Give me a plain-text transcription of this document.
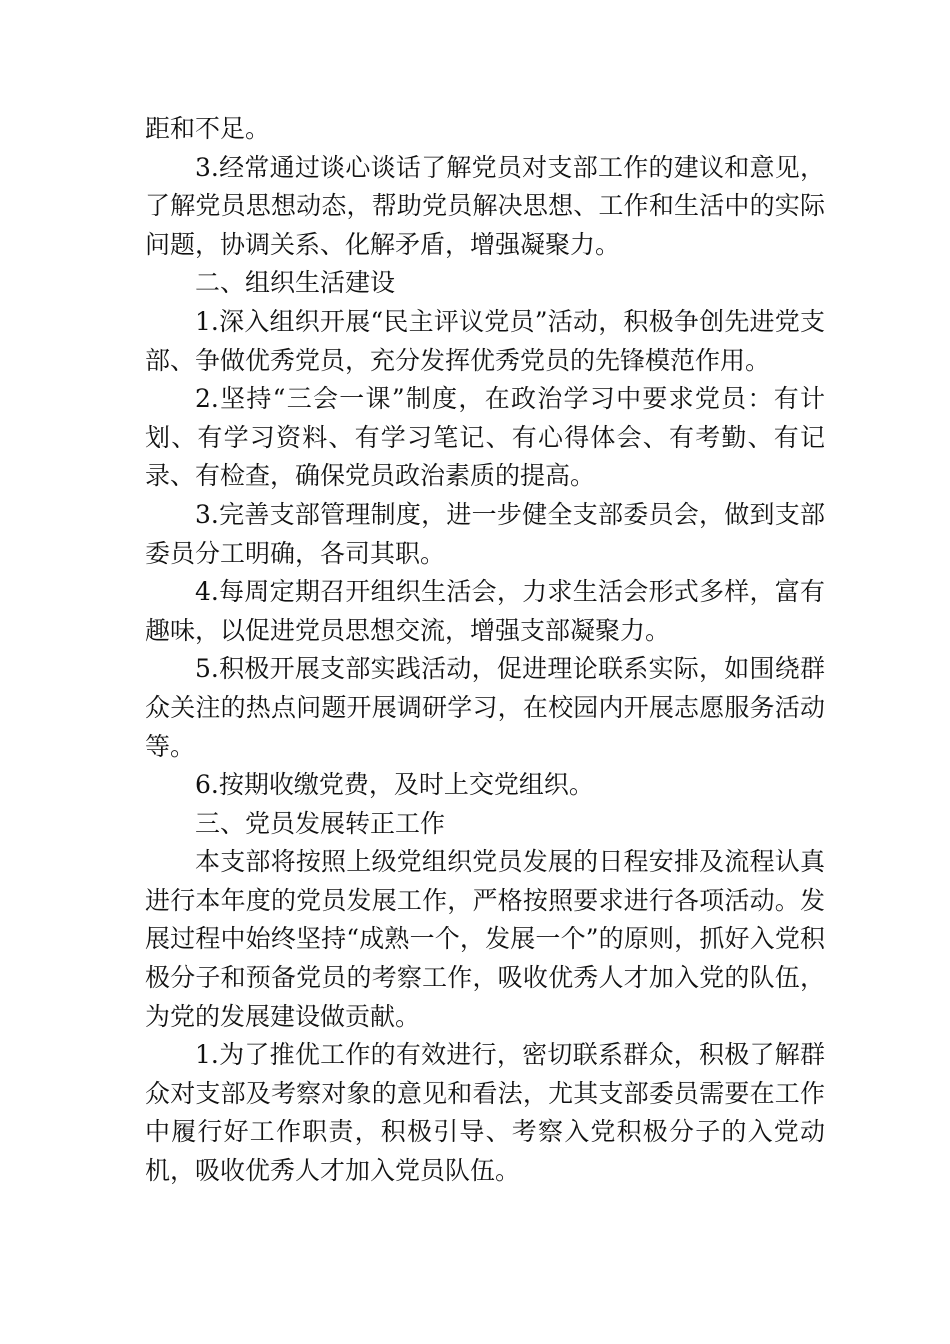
距和不足。

3.经常通过谈心谈话了解党员对支部工作的建议和意见，了解党员思想动态，帮助党员解决思想、工作和生活中的实际问题，协调关系、化解矛盾，增强凝聚力。

二、组织生活建设

1.深入组织开展“民主评议党员”活动，积极争创先进党支部、争做优秀党员，充分发挥优秀党员的先锋模范作用。

2.坚持“三会一课”制度，在政治学习中要求党员：有计划、有学习资料、有学习笔记、有心得体会、有考勤、有记录、有检查，确保党员政治素质的提高。

3.完善支部管理制度，进一步健全支部委员会，做到支部委员分工明确，各司其职。

4.每周定期召开组织生活会，力求生活会形式多样，富有趣味，以促进党员思想交流，增强支部凝聚力。

5.积极开展支部实践活动，促进理论联系实际，如围绕群众关注的热点问题开展调研学习，在校园内开展志愿服务活动等。

6.按期收缴党费，及时上交党组织。

三、党员发展转正工作

本支部将按照上级党组织党员发展的日程安排及流程认真进行本年度的党员发展工作，严格按照要求进行各项活动。发展过程中始终坚持“成熟一个，发展一个”的原则，抓好入党积极分子和预备党员的考察工作，吸收优秀人才加入党的队伍，为党的发展建设做贡献。

1.为了推优工作的有效进行，密切联系群众，积极了解群众对支部及考察对象的意见和看法，尤其支部委员需要在工作中履行好工作职责，积极引导、考察入党积极分子的入党动机，吸收优秀人才加入党员队伍。
